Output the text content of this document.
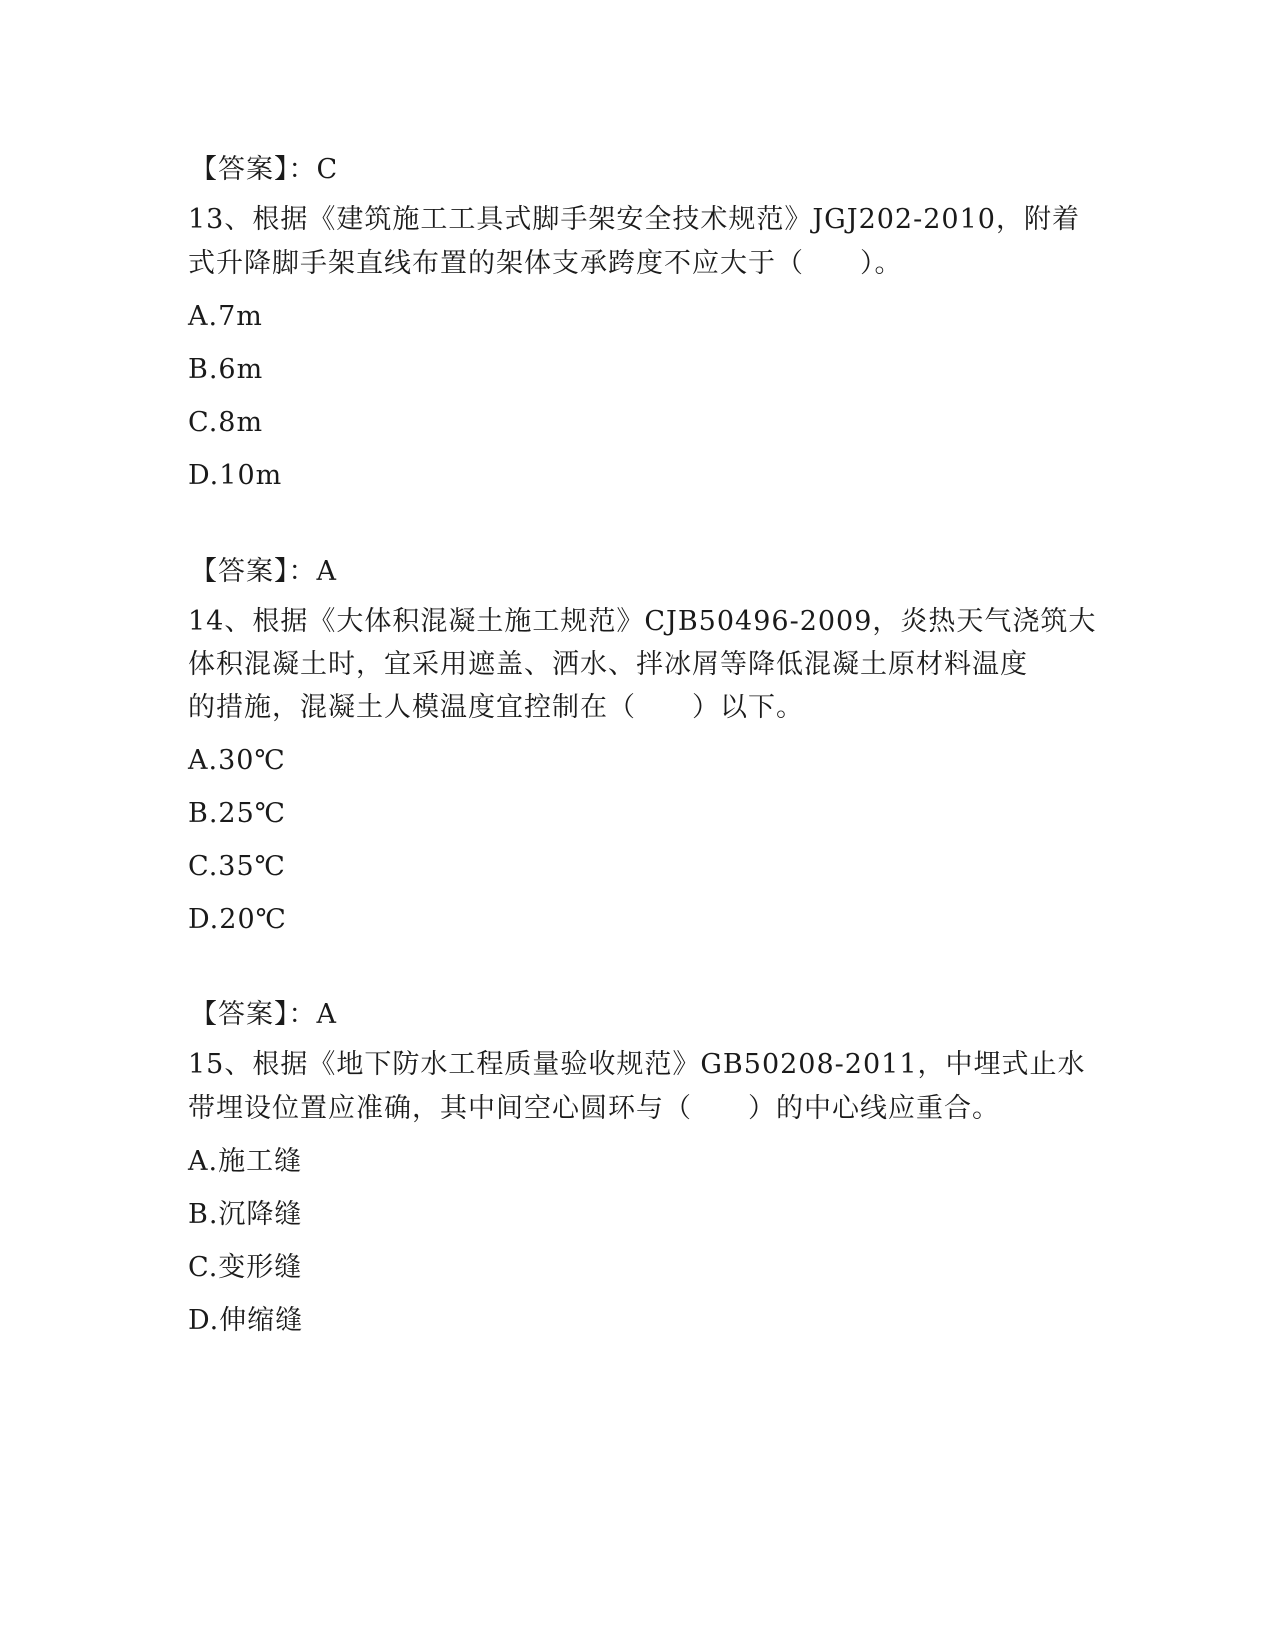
【答案】：C
13、根据《建筑施工工具式脚手架安全技术规范》JGJ202-2010，附着
式升降脚手架直线布置的架体支承跨度不应大于（　　）。
A.7m
B.6m
C.8m
D.10m
【答案】：A
14、根据《大体积混凝土施工规范》CJB50496-2009，炎热天气浇筑大
体积混凝土时，宜采用遮盖、洒水、拌冰屑等降低混凝土原材料温度
的措施，混凝土人模温度宜控制在（　　）以下。
A.30℃
B.25℃
C.35℃
D.20℃
【答案】：A
15、根据《地下防水工程质量验收规范》GB50208-2011，中埋式止水
带埋设位置应准确，其中间空心圆环与（　　）的中心线应重合。
A.施工缝
B.沉降缝
C.变形缝
D.伸缩缝
